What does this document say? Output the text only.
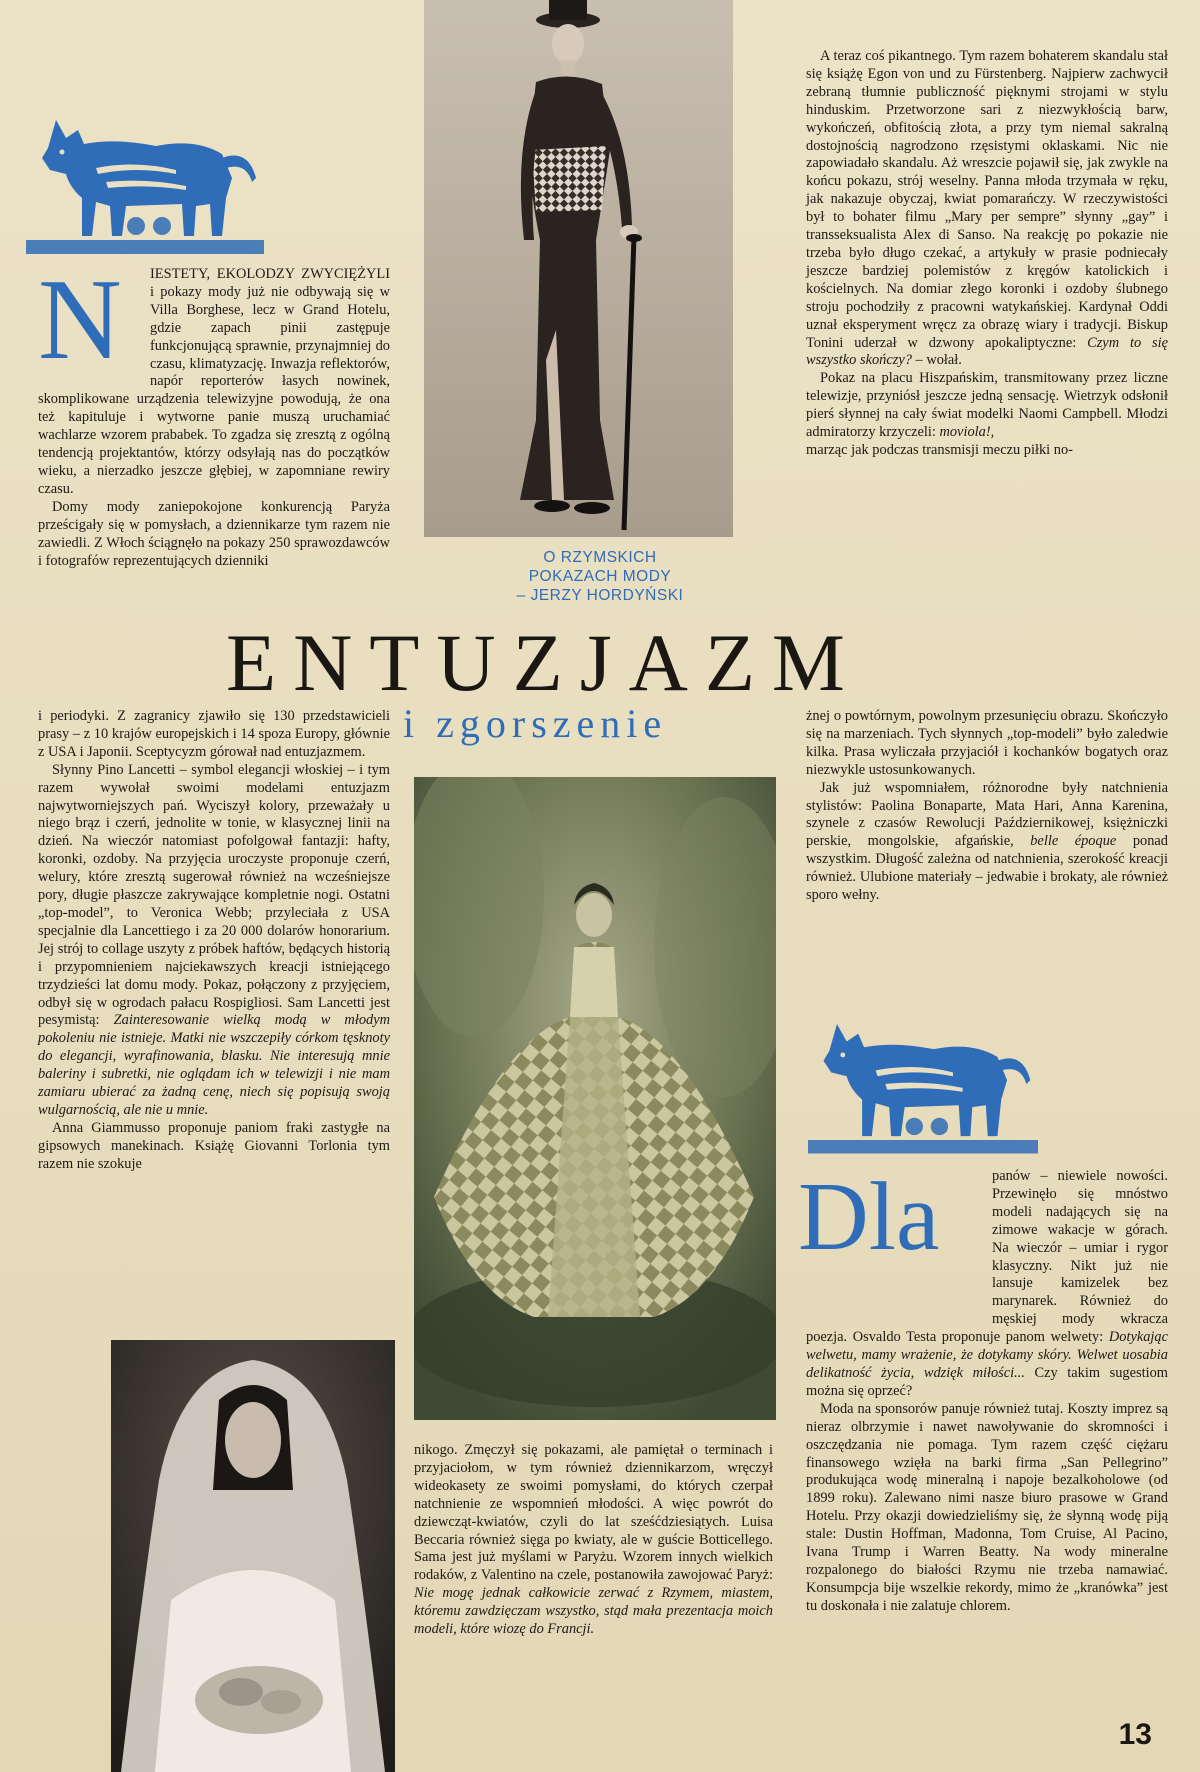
N	IESTETY, EKOLODZY ZWYCIĘŻYLI i pokazy mody już nie odbywają się w Villa Borghese, lecz w Grand Hotelu, gdzie zapach pinii zastępuje funkcjonującą sprawnie, przynajmniej do czasu, klimatyzację. Inwazja reflektorów, napór reporterów łasych nowinek, skomplikowane urządzenia telewizyjne powodują, że ona też kapituluje i wytworne panie muszą uruchamiać wachlarze wzorem prababek. To zgadza się zresztą z ogólną tendencją projektantów, którzy odsyłają nas do początków wieku, a nierzadko jeszcze głębiej, w zapomniane rewiry czasu.

Domy mody zaniepokojone konkurencją Paryża prześcigały się w pomysłach, a dziennikarze tym razem nie zawiedli. Z Włoch ściągnęło na pokazy 250 sprawozdawców i fotografów reprezentujących dzienniki	O RZYMSKICH
POKAZACH MODY
– JERZY HORDYŃSKI

A teraz coś pikantnego. Tym razem bohaterem skandalu stał się książę Egon von und zu Fürstenberg. Najpierw zachwycił zebraną tłumnie publiczność pięknymi strojami w stylu hinduskim. Przetworzone sari z niezwykłością barw, wykończeń, obfitością złota, a przy tym niemal sakralną dostojnością nagrodzono rzęsistymi oklaskami. Nic nie zapowiadało skandalu. Aż wreszcie pojawił się, jak zwykle na końcu pokazu, strój weselny. Panna młoda trzymała w ręku, jak nakazuje obyczaj, kwiat pomarańczy. W rzeczywistości był to bohater filmu „Mary per sempre” słynny „gay” i transseksualista Alex di Sanso. Na reakcję po pokazie nie trzeba było długo czekać, a artykuły w prasie podniecały jeszcze bardziej polemistów z kręgów katolickich i kościelnych. Na domiar złego koronki i ozdoby ślubnego stroju pochodziły z pracowni watykańskiej. Kardynał Oddi uznał eksperyment wręcz za obrazę wiary i tradycji. Biskup Tonini uderzał w dzwony apokaliptyczne: Czym to się wszystko skończy? – wołał.

Pokaz na placu Hiszpańskim, transmitowany przez liczne telewizje, przyniósł jeszcze jedną sensację. Wietrzyk odsłonił pierś słynnej na cały świat modelki Naomi Campbell. Młodzi admiratorzy krzyczeli: moviola!,
marząc jak podczas transmisji meczu piłki no-

ENTUZJAZM
i zgorszenie

i periodyki. Z zagranicy zjawiło się 130 przedstawicieli prasy – z 10 krajów europejskich i 14 spoza Europy, głównie z USA i Japonii. Sceptycyzm górował nad entuzjazmem.

Słynny Pino Lancetti – symbol elegancji włoskiej – i tym razem wywołał swoimi modelami entuzjazm najwytworniejszych pań. Wyciszył kolory, przeważały u niego brąz i czerń, jednolite w tonie, w klasycznej linii na dzień. Na wieczór natomiast pofolgował fantazji: hafty, koronki, ozdoby. Na przyjęcia uroczyste proponuje czerń, welury, które zresztą sugerował również na wcześniejsze pory, długie płaszcze zakrywające kompletnie nogi. Ostatni „top-model”, to Veronica Webb; przyleciała z USA specjalnie dla Lancettiego i za 20 000 dolarów honorarium. Jej strój to collage uszyty z próbek haftów, będących historią i przypomnieniem najciekawszych kreacji istniejącego trzydzieści lat domu mody. Pokaz, połączony z przyjęciem, odbył się w ogrodach pałacu Rospigliosi. Sam Lancetti jest pesymistą: Zainteresowanie wielką modą w młodym pokoleniu nie istnieje. Matki nie wszczepiły córkom tęsknoty do elegancji, wyrafinowania, blasku. Nie interesują mnie baleriny i subretki, nie oglądam ich w telewizji i nie mam zamiaru ubierać za żadną cenę, niech się popisują swoją wulgarnością, ale nie u mnie.

Anna Giammusso proponuje paniom fraki zastygłe na gipsowych manekinach. Książę Giovanni Torlonia tym razem nie szokuje

żnej o powtórnym, powolnym przesunięciu obrazu. Skończyło się na marzeniach. Tych słynnych „top-modeli” było zaledwie kilka. Prasa wyliczała przyjaciół i kochanków bogatych oraz niezwykle ustosunkowanych.

Jak już wspomniałem, różnorodne były natchnienia stylistów: Paolina Bonaparte, Mata Hari, Anna Karenina, szynele z czasów Rewolucji Październikowej, księżniczki perskie, mongolskie, afgańskie, belle époque ponad wszystkim. Długość zależna od natchnienia, szerokość kreacji również. Ulubione materiały – jedwabie i brokaty, ale również sporo wełny.

Dla	panów – niewiele nowości. Przewinęło się mnóstwo modeli nadających się na zimowe wakacje w górach. Na wieczór – umiar i rygor klasyczny. Nikt już nie lansuje kamizelek bez marynarek. Również do męskiej mody wkracza poezja. Osvaldo Testa proponuje panom welwety: Dotykając welwetu, mamy wrażenie, że dotykamy skóry. Welwet uosabia delikatność życia, wdzięk miłości... Czy takim sugestiom można się oprzeć?

Moda na sponsorów panuje również tutaj. Koszty imprez są nieraz olbrzymie i nawet nawoływanie do skromności i oszczędzania nie pomaga. Tym razem część ciężaru finansowego wzięła na barki firma „San Pellegrino” produkująca wodę mineralną i napoje bezalkoholowe (od 1899 roku). Zalewano nimi nasze biuro prasowe w Grand Hotelu. Przy okazji dowiedzieliśmy się, że słynną wodę piją stale: Dustin Hoffman, Madonna, Tom Cruise, Al Pacino, Ivana Trump i Warren Beatty. Na wody mineralne rozpalonego do białości Rzymu nie trzeba namawiać. Konsumpcja bije wszelkie rekordy, mimo że „kranówka” jest tu doskonała i nie zalatuje chlorem.

nikogo. Zmęczył się pokazami, ale pamiętał o terminach i przyjaciołom, w tym również dziennikarzom, wręczył wideokasety ze swoimi pomysłami, do których czerpał natchnienie ze wspomnień młodości. A więc powrót do dziewcząt-kwiatów, czyli do lat sześćdziesiątych. Luisa Beccaria również sięga po kwiaty, ale w guście Botticellego. Sama jest już myślami w Paryżu. Wzorem innych wielkich rodaków, z Valentino na czele, postanowiła zawojować Paryż: Nie mogę jednak całkowicie zerwać z Rzymem, miastem, któremu zawdzięczam wszystko, stąd mała prezentacja moich modeli, które wiozę do Francji.

13
